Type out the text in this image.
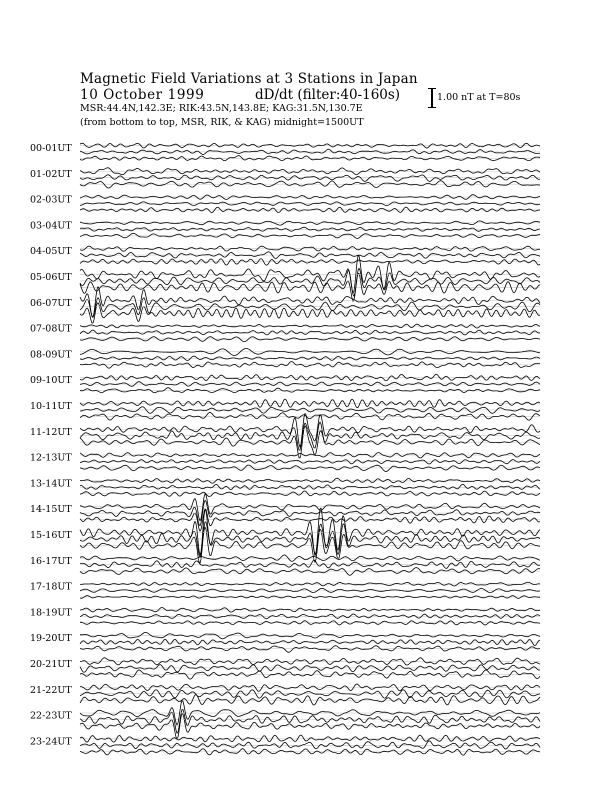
Magnetic Field Variations at 3 Stations in Japan
10 October 1999	dD/dt (filter:40-160s)
MSR:44.4N,142.3E; RIK:43.5N,143.8E; KAG:31.5N,130.7E
(from bottom to top, MSR, RIK, & KAG) midnight=1500UT
1.00 nT at T=80s
00-01UT
01-02UT
02-03UT
03-04UT
04-05UT
05-06UT
06-07UT
07-08UT
08-09UT
09-10UT
10-11UT
11-12UT
12-13UT
13-14UT
14-15UT
15-16UT
16-17UT
17-18UT
18-19UT
19-20UT
20-21UT
21-22UT
22-23UT
23-24UT
